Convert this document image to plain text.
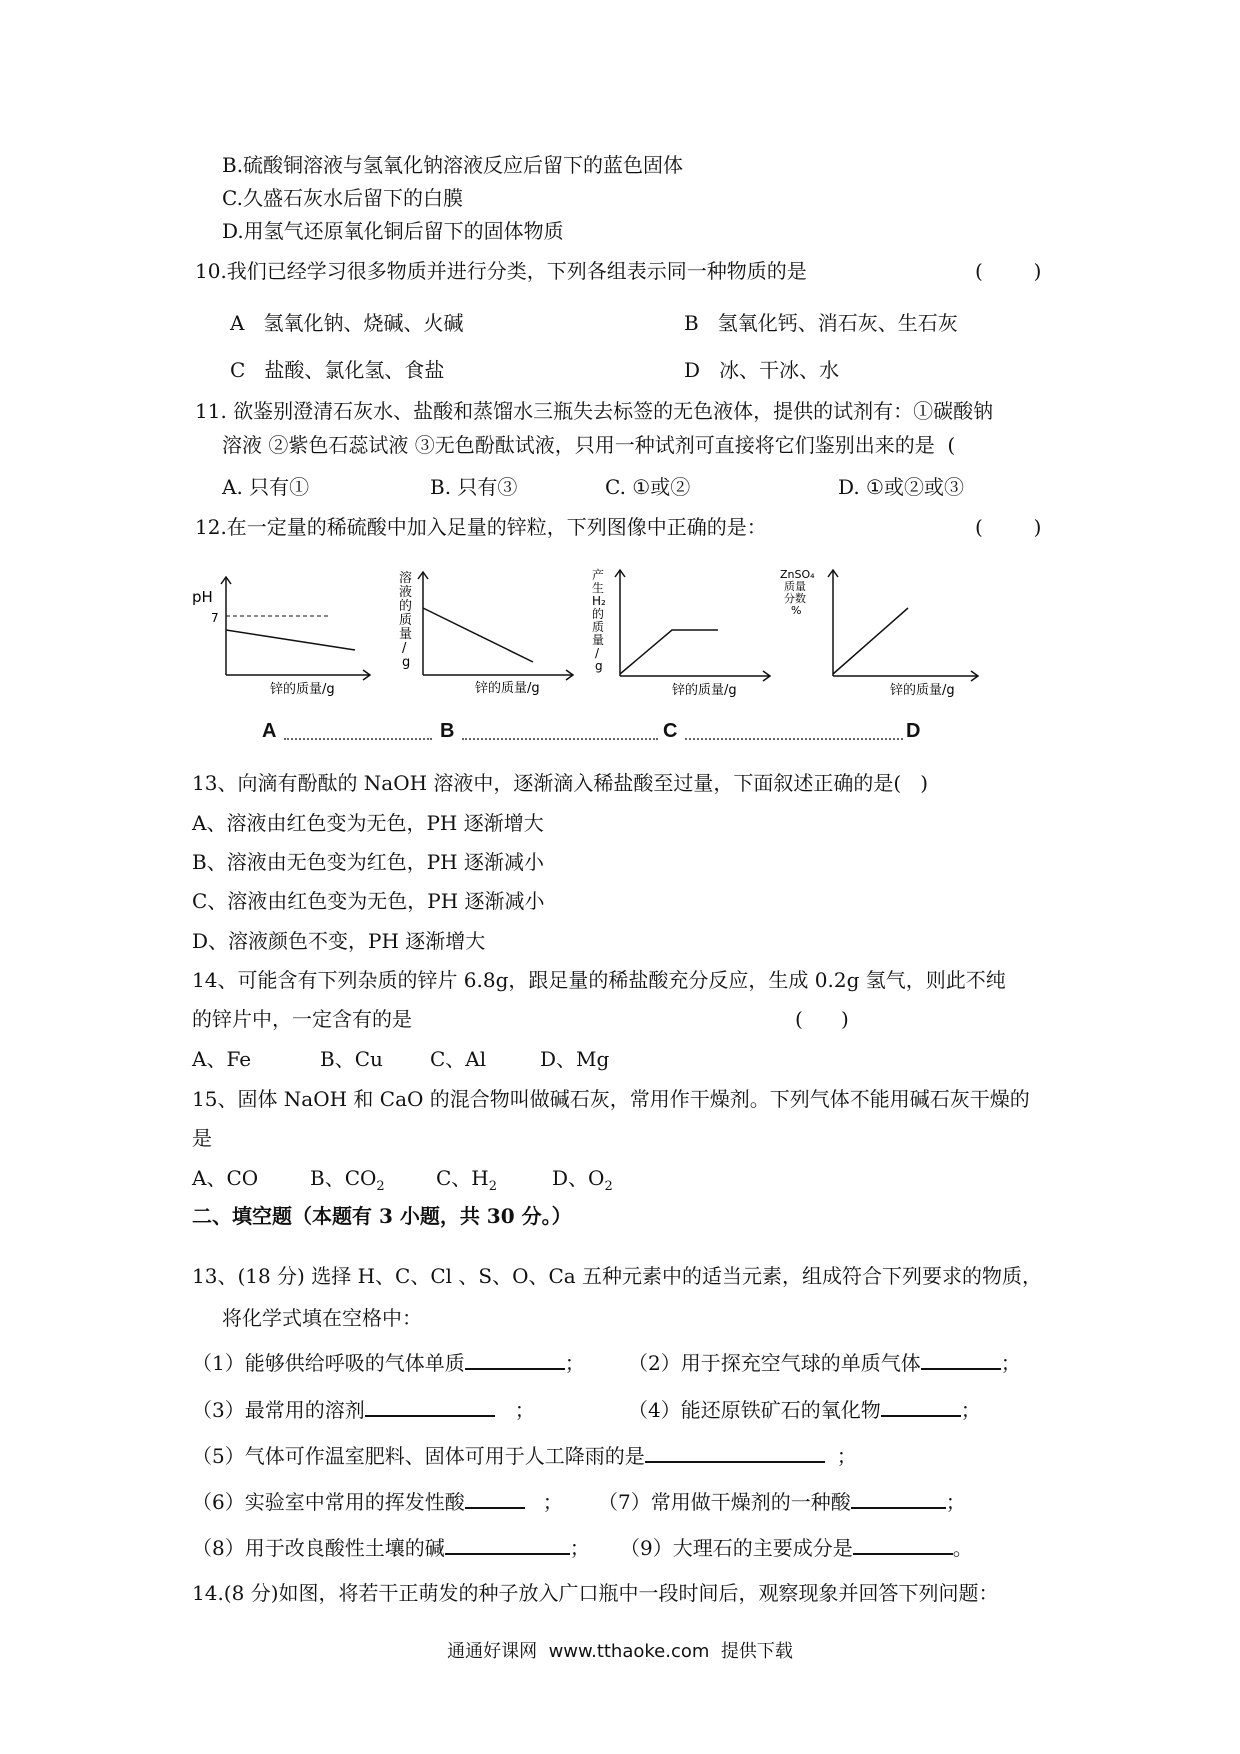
B.硫酸铜溶液与氢氧化钠溶液反应后留下的蓝色固体
C.久盛石灰水后留下的白膜
D.用氢气还原氧化铜后留下的固体物质
10.我们已经学习很多物质并进行分类，下列各组表示同一种物质的是	(        )
A   氢氧化钠、烧碱、火碱	B   氢氧化钙、消石灰、生石灰
C   盐酸、氯化氢、食盐	D   冰、干冰、水
11. 欲鉴别澄清石灰水、盐酸和蒸馏水三瓶失去标签的无色液体，提供的试剂有：①碳酸钠
溶液 ②紫色石蕊试液 ③无色酚酞试液，只用一种试剂可直接将它们鉴别出来的是  (
A. 只有①	B. 只有③	C. ①或②	D. ①或②或③
12.在一定量的稀硫酸中加入足量的锌粒，下列图像中正确的是：	(        )
pH
7
锌的质量/g
溶
液
的
质
量
/
g
锌的质量/g
产
生
H₂
的
质
量
/
g
锌的质量/g
ZnSO₄
质量
分数
%
锌的质量/g
A	B	C	D
13、向滴有酚酞的 NaOH 溶液中，逐渐滴入稀盐酸至过量，下面叙述正确的是(   )
A、溶液由红色变为无色，PH 逐渐增大
B、溶液由无色变为红色，PH 逐渐减小
C、溶液由红色变为无色，PH 逐渐减小
D、溶液颜色不变，PH 逐渐增大
14、可能含有下列杂质的锌片 6.8g，跟足量的稀盐酸充分反应，生成 0.2g 氢气，则此不纯
的锌片中，一定含有的是	(      )
A、Fe	B、Cu C、Al	D、Mg
15、固体 NaOH 和 CaO 的混合物叫做碱石灰，常用作干燥剂。下列气体不能用碱石灰干燥的
是
A、CO	B、$CO_2$	C、$H_2$	D、$O_2$
二、填空题（本题有 3 小题，共 30 分。）
13、(18 分) 选择 H、C、Cl 、S、O、Ca 五种元素中的适当元素，组成符合下列要求的物质，
将化学式填在空格中：
（1）能够供给呼吸的气体单质	； （2）用于探充空气球的单质气体	；
（3）最常用的溶剂	；	（4）能还原铁矿石的氧化物	；
（5）气体可作温室肥料、固体可用于人工降雨的是	；
（6）实验室中常用的挥发性酸	； （7）常用做干燥剂的一种酸	；
（8）用于改良酸性土壤的碱	； （9）大理石的主要成分是	。
14.(8 分)如图，将若干正萌发的种子放入广口瓶中一段时间后，观察现象并回答下列问题：
通通好课网  www.tthaoke.com  提供下载
